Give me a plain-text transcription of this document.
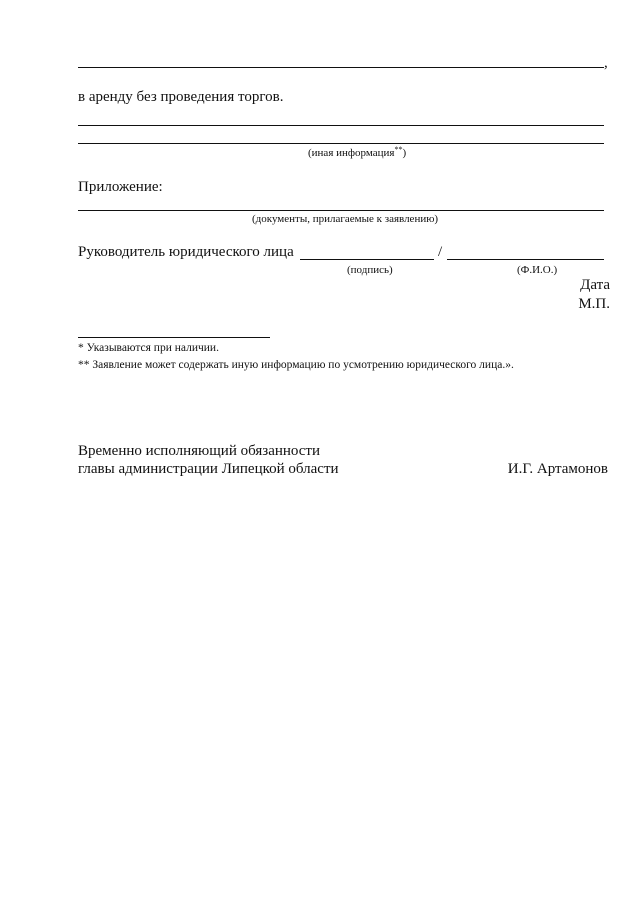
,
в аренду без проведения торгов.
(иная информация**)
Приложение:
(документы, прилагаемые к заявлению)
Руководитель юридического лица	/
(подпись)	(Ф.И.О.)
Дата
М.П.
* Указываются при наличии.
** Заявление может содержать иную информацию по усмотрению юридического лица.».
Временно исполняющий обязанности
главы администрации Липецкой области	И.Г. Артамонов
